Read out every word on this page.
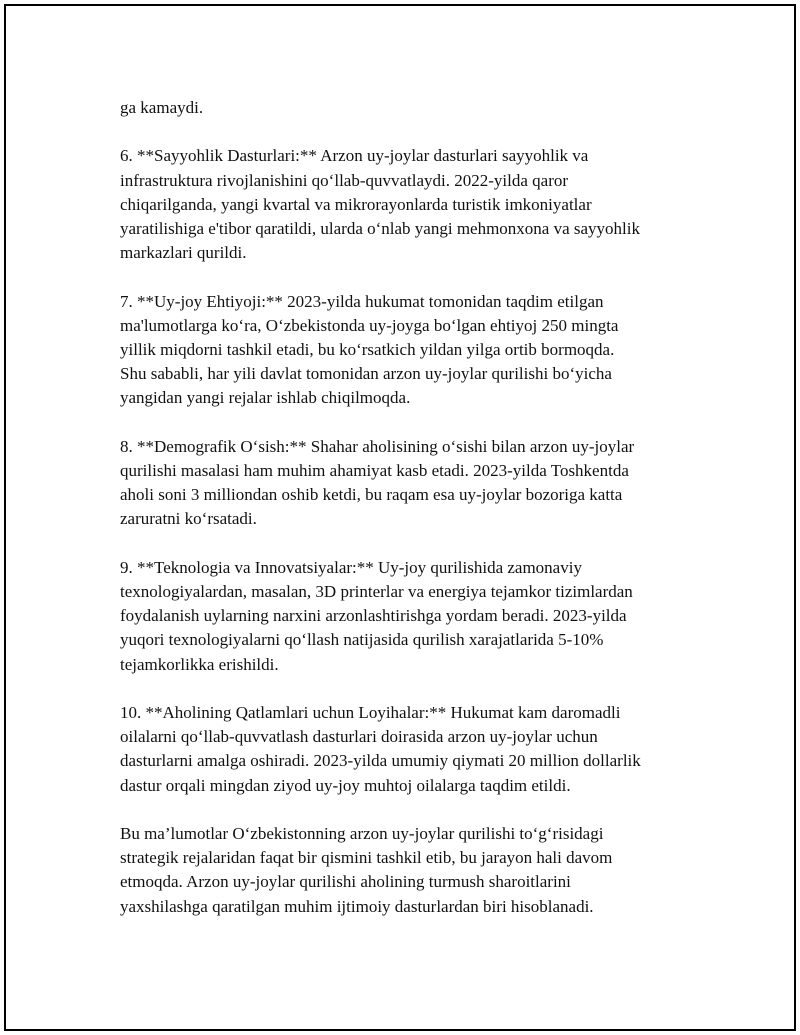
ga kamaydi.

6. **Sayyohlik Dasturlari:** Arzon uy-joylar dasturlari sayyohlik va
infrastruktura rivojlanishini qo‘llab-quvvatlaydi. 2022-yilda qaror
chiqarilganda, yangi kvartal va mikrorayonlarda turistik imkoniyatlar
yaratilishiga e'tibor qaratildi, ularda o‘nlab yangi mehmonxona va sayyohlik
markazlari qurildi.

7. **Uy-joy Ehtiyoji:** 2023-yilda hukumat tomonidan taqdim etilgan
ma'lumotlarga ko‘ra, O‘zbekistonda uy-joyga bo‘lgan ehtiyoj 250 mingta
yillik miqdorni tashkil etadi, bu ko‘rsatkich yildan yilga ortib bormoqda.
Shu sababli, har yili davlat tomonidan arzon uy-joylar qurilishi bo‘yicha
yangidan yangi rejalar ishlab chiqilmoqda.

8. **Demografik O‘sish:** Shahar aholisining o‘sishi bilan arzon uy-joylar
qurilishi masalasi ham muhim ahamiyat kasb etadi. 2023-yilda Toshkentda
aholi soni 3 milliondan oshib ketdi, bu raqam esa uy-joylar bozoriga katta
zaruratni ko‘rsatadi.

9. **Teknologia va Innovatsiyalar:** Uy-joy qurilishida zamonaviy
texnologiyalardan, masalan, 3D printerlar va energiya tejamkor tizimlardan
foydalanish uylarning narxini arzonlashtirishga yordam beradi. 2023-yilda
yuqori texnologiyalarni qo‘llash natijasida qurilish xarajatlarida 5-10%
tejamkorlikka erishildi.

10. **Aholining Qatlamlari uchun Loyihalar:** Hukumat kam daromadli
oilalarni qo‘llab-quvvatlash dasturlari doirasida arzon uy-joylar uchun
dasturlarni amalga oshiradi. 2023-yilda umumiy qiymati 20 million dollarlik
dastur orqali mingdan ziyod uy-joy muhtoj oilalarga taqdim etildi.

Bu ma’lumotlar O‘zbekistonning arzon uy-joylar qurilishi to‘g‘risidagi
strategik rejalaridan faqat bir qismini tashkil etib, bu jarayon hali davom
etmoqda. Arzon uy-joylar qurilishi aholining turmush sharoitlarini
yaxshilashga qaratilgan muhim ijtimoiy dasturlardan biri hisoblanadi.
